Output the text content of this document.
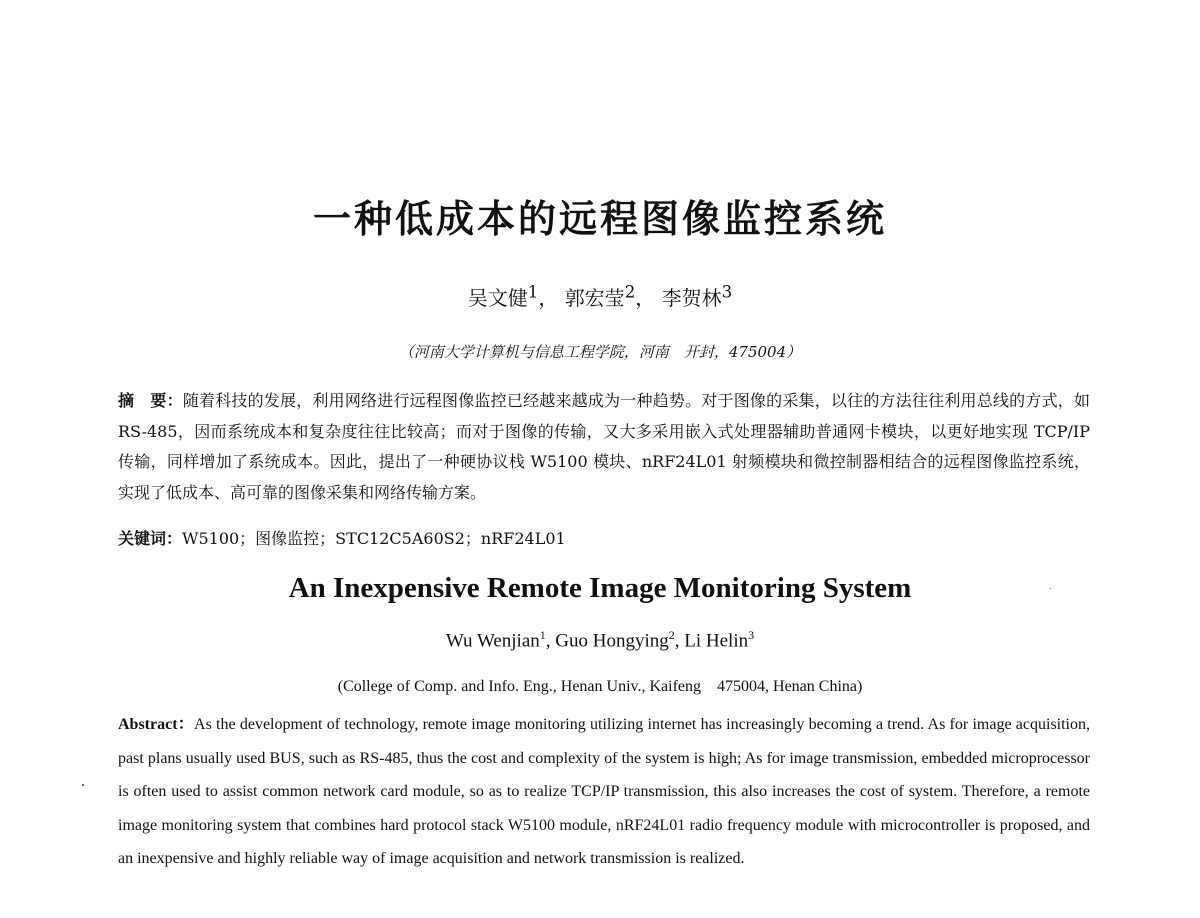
一种低成本的远程图像监控系统
吴文健$^1$， 郭宏莹$^2$， 李贺林$^3$
（河南大学计算机与信息工程学院，河南　开封，475004）

摘　要：随着科技的发展，利用网络进行远程图像监控已经越来越成为一种趋势。对于图像的采集，以往的方法往往利用总线的方式，如 RS-485，因而系统成本和复杂度往往比较高；而对于图像的传输，又大多采用嵌入式处理器辅助普通网卡模块，以更好地实现 TCP/IP 传输，同样增加了系统成本。因此，提出了一种硬协议栈 W5100 模块、nRF24L01 射频模块和微控制器相结合的远程图像监控系统，实现了低成本、高可靠的图像采集和网络传输方案。

关键词：W5100；图像监控；STC12C5A60S2；nRF24L01

An Inexpensive Remote Image Monitoring System
Wu Wenjian$^1$, Guo Hongying$^2$, Li Helin$^3$
(College of Comp. and Info. Eng., Henan Univ., Kaifeng　475004, Henan China)

Abstract：As the development of technology, remote image monitoring utilizing internet has increasingly becoming a trend. As for image acquisition, past plans usually used BUS, such as RS-485, thus the cost and complexity of the system is high; As for image transmission, embedded microprocessor is often used to assist common network card module, so as to realize TCP/IP transmission, this also increases the cost of system. Therefore, a remote image monitoring system that combines hard protocol stack W5100 module, nRF24L01 radio frequency module with microcontroller is proposed, and an inexpensive and highly reliable way of image acquisition and network transmission is realized.
